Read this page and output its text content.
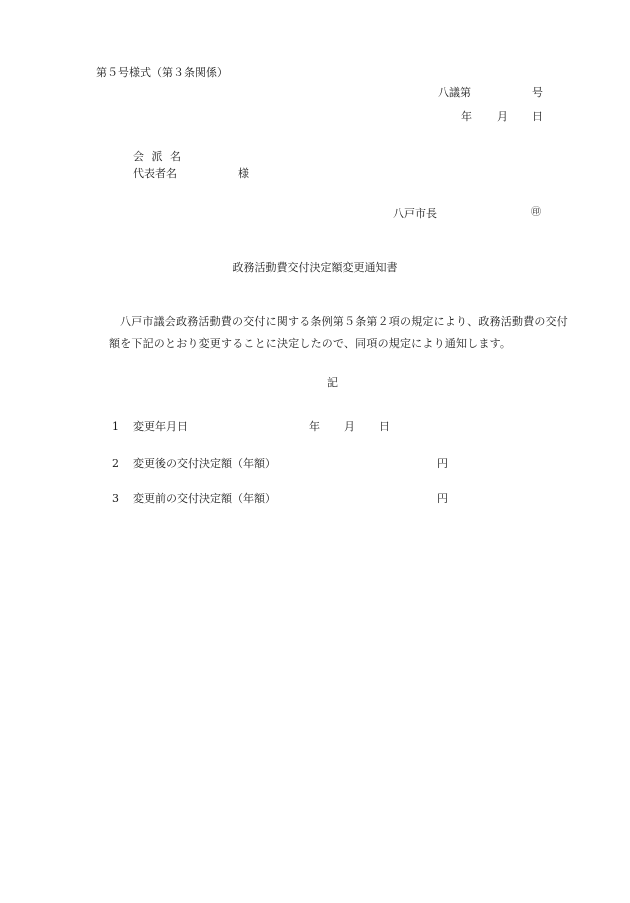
第５号様式（第３条関係）
八議第	号
年 月 日
会 派 名
代表者名	様
八戸市長	㊞
政務活動費交付決定額変更通知書
八戸市議会政務活動費の交付に関する条例第５条第２項の規定により、政務活動費の交付額を下記のとおり変更することに決定したので、同項の規定により通知します。
記
1 変更年月日	年 月 日
2 変更後の交付決定額（年額）	円
3 変更前の交付決定額（年額）	円
